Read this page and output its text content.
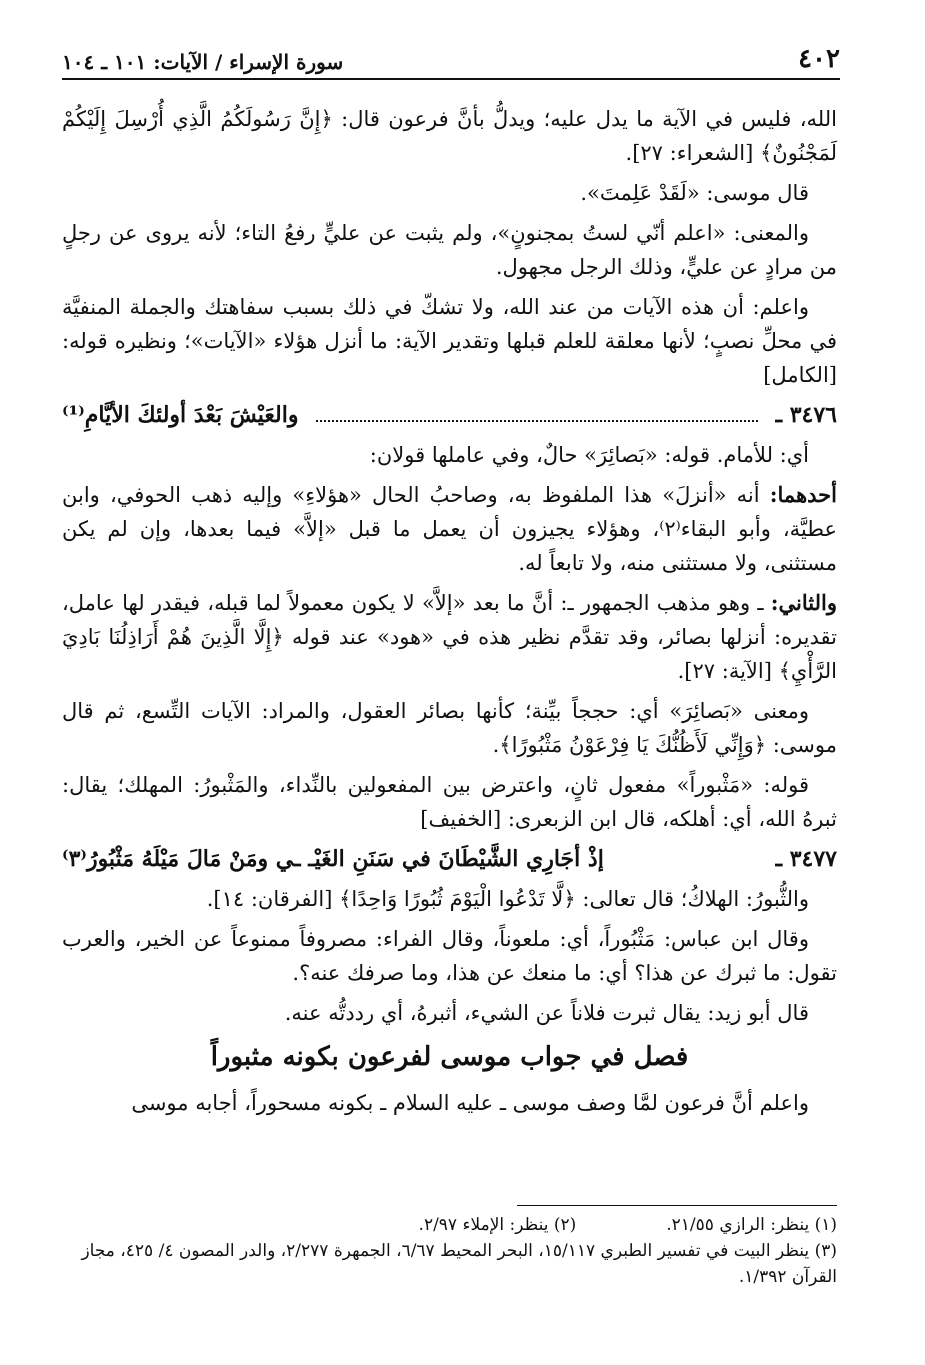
٤٠٢
سورة الإسراء / الآيات: ١٠١ ـ ١٠٤

الله، فليس في الآية ما يدل عليه؛ ويدلُّ بأنَّ فرعون قال: ﴿إِنَّ رَسُولَكُمُ الَّذِي أُرْسِلَ إِلَيْكُمْ لَمَجْنُونٌ﴾ [الشعراء: ٢٧].

قال موسى: «لَقَدْ عَلِمتَ».

والمعنى: «اعلم أنّي لستُ بمجنونٍ»، ولم يثبت عن عليٍّ رفعُ التاء؛ لأنه يروى عن رجلٍ من مرادٍ عن عليٍّ، وذلك الرجل مجهول.

واعلم: أن هذه الآيات من عند الله، ولا تشكّ في ذلك بسبب سفاهتك والجملة المنفيَّة في محلِّ نصبٍ؛ لأنها معلقة للعلم قبلها وتقدير الآية: ما أنزل هؤلاء «الآيات»؛ ونظيره قوله: [الكامل]

٣٤٧٦ ـ
والعَيْشَ بَعْدَ أولئكَ الأيَّامِ⁽¹⁾

أي: للأمام. قوله: «بَصائِرَ» حالٌ، وفي عاملها قولان:

أحدهما: أنه «أنزلَ» هذا الملفوظ به، وصاحبُ الحال «هؤلاءِ» وإليه ذهب الحوفي، وابن عطيَّة، وأبو البقاء⁽٢⁾، وهؤلاء يجيزون أن يعمل ما قبل «إلاَّ» فيما بعدها، وإن لم يكن مستثنى، ولا مستثنى منه، ولا تابعاً له.

والثاني: ـ وهو مذهب الجمهور ـ: أنَّ ما بعد «إلاَّ» لا يكون معمولاً لما قبله، فيقدر لها عامل، تقديره: أنزلها بصائر، وقد تقدَّم نظير هذه في «هود» عند قوله ﴿إِلَّا الَّذِينَ هُمْ أَرَاذِلُنَا بَادِيَ الرَّأْيِ﴾ [الآية: ٢٧].

ومعنى «بَصائِرَ» أي: حججاً بيِّنة؛ كأنها بصائر العقول، والمراد: الآيات التِّسع، ثم قال موسى: ﴿وَإِنِّي لَأَظُنُّكَ يَا فِرْعَوْنُ مَثْبُورًا﴾.

قوله: «مَثْبوراً» مفعول ثانٍ، واعترض بين المفعولين بالنِّداء، والمَثْبورُ: المهلك؛ يقال: ثبرهُ الله، أي: أهلكه، قال ابن الزبعرى: [الخفيف]

٣٤٧٧ ـ
إذْ أجَارِي الشَّيْطَانَ في سَنَنِ الغَيْـ ـي ومَنْ مَالَ مَيْلَهُ مَثْبُورُ⁽٣⁾

والثُّبورُ: الهلاكُ؛ قال تعالى: ﴿لَّا تَدْعُوا الْيَوْمَ ثُبُورًا وَاحِدًا﴾ [الفرقان: ١٤].

وقال ابن عباس: مَثْبُوراً، أي: ملعوناً، وقال الفراء: مصروفاً ممنوعاً عن الخير، والعرب تقول: ما ثبرك عن هذا؟ أي: ما منعك عن هذا، وما صرفك عنه؟.

قال أبو زيد: يقال ثبرت فلاناً عن الشيء، أثبرهُ، أي رددتُّه عنه.

فصل في جواب موسى لفرعون بكونه مثبوراً

واعلم أنَّ فرعون لمَّا وصف موسى ـ عليه السلام ـ بكونه مسحوراً، أجابه موسى

(١) ينظر: الرازي ٢١/٥٥.

(٢) ينظر: الإملاء ٢/٩٧.

(٣) ينظر البيت في تفسير الطبري ١٥/١١٧، البحر المحيط ٦/٦٧، الجمهرة ٢/٢٧٧، والدر المصون ٤/ ٤٢٥، مجاز القرآن ١/٣٩٢.
